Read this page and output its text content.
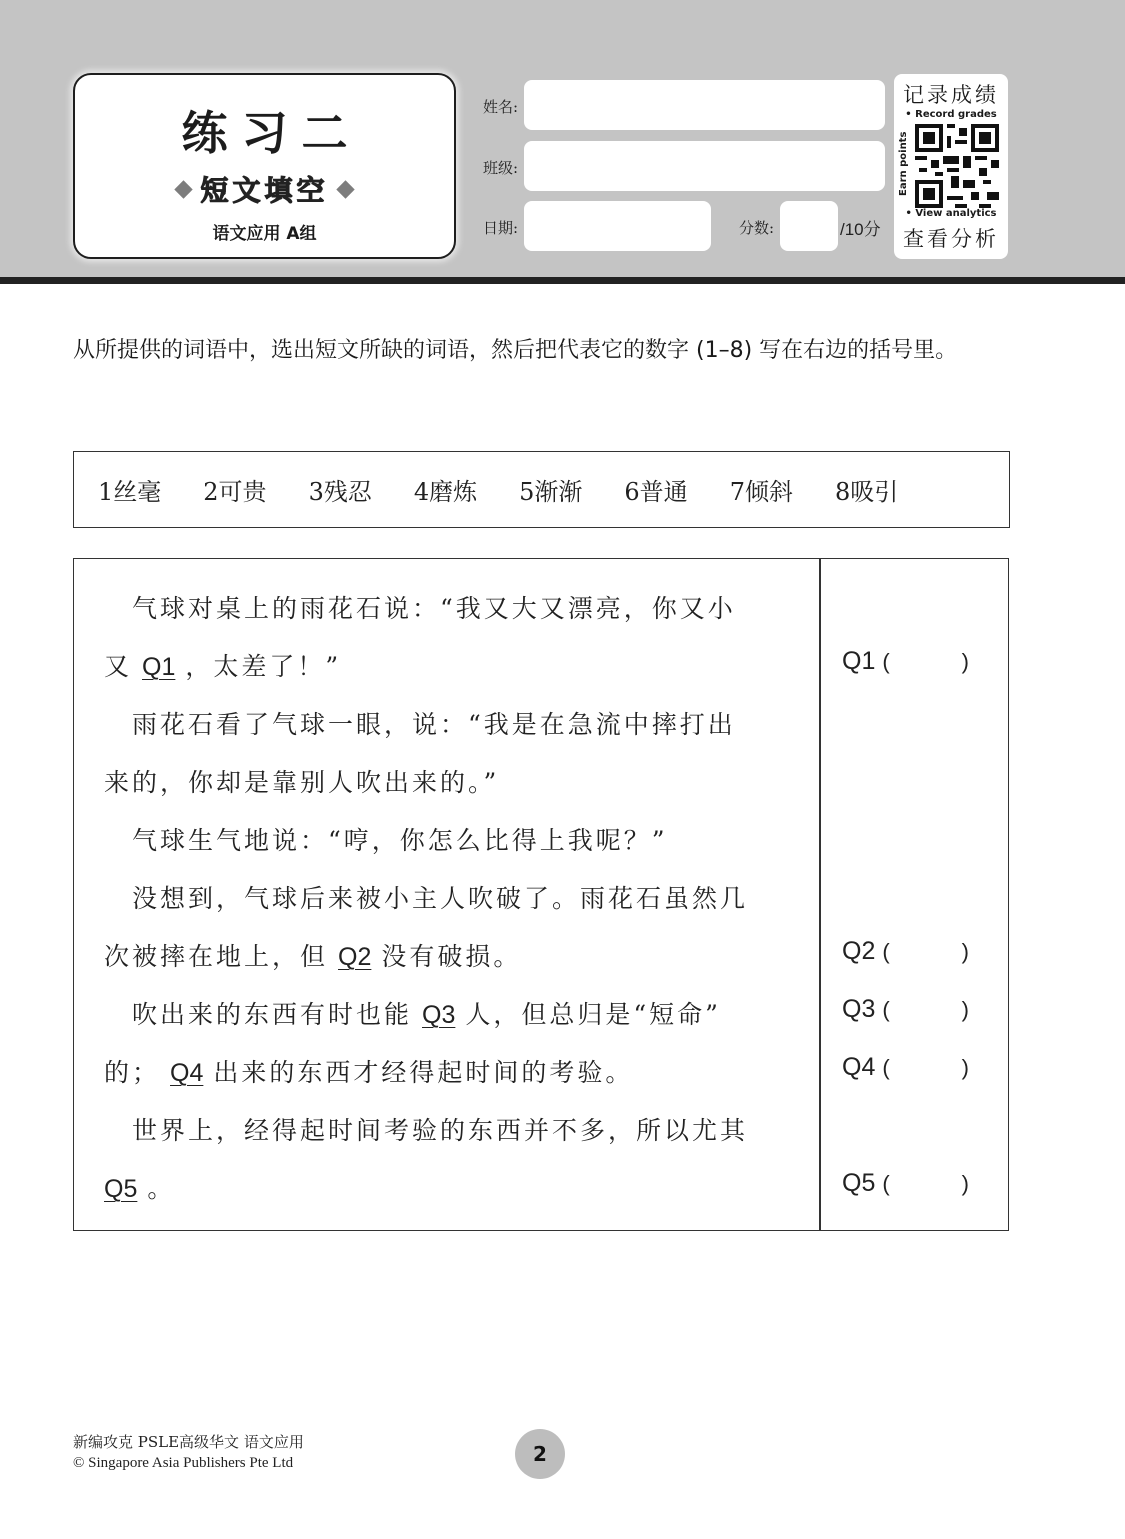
练习二
短文填空
语文应用 A组
姓名:
班级:
日期:	分数:	/10分
记录成绩
• Record grades
Earn points
• View analytics
查看分析
从所提供的词语中，选出短文所缺的词语，然后把代表它的数字 (1–8) 写在右边的括号里。
1丝毫 2可贵 3残忍 4磨炼 5渐渐 6普通 7倾斜 8吸引
　气球对桌上的雨花石说：“我又大又漂亮，你又小
又 Q1 ，太差了！”
　雨花石看了气球一眼，说：“我是在急流中摔打出
来的，你却是靠别人吹出来的。”
　气球生气地说：“哼，你怎么比得上我呢？”
　没想到，气球后来被小主人吹破了。雨花石虽然几
次被摔在地上，但 Q2 没有破损。
　吹出来的东西有时也能 Q3 人，但总归是“短命”
的； Q4 出来的东西才经得起时间的考验。
　世界上，经得起时间考验的东西并不多，所以尤其
Q5 。
Q1 (	)
Q2 (	)
Q3 (	)
Q4 (	)
Q5 (	)
新编攻克 PSLE高级华文 语文应用
© Singapore Asia Publishers Pte Ltd	2
